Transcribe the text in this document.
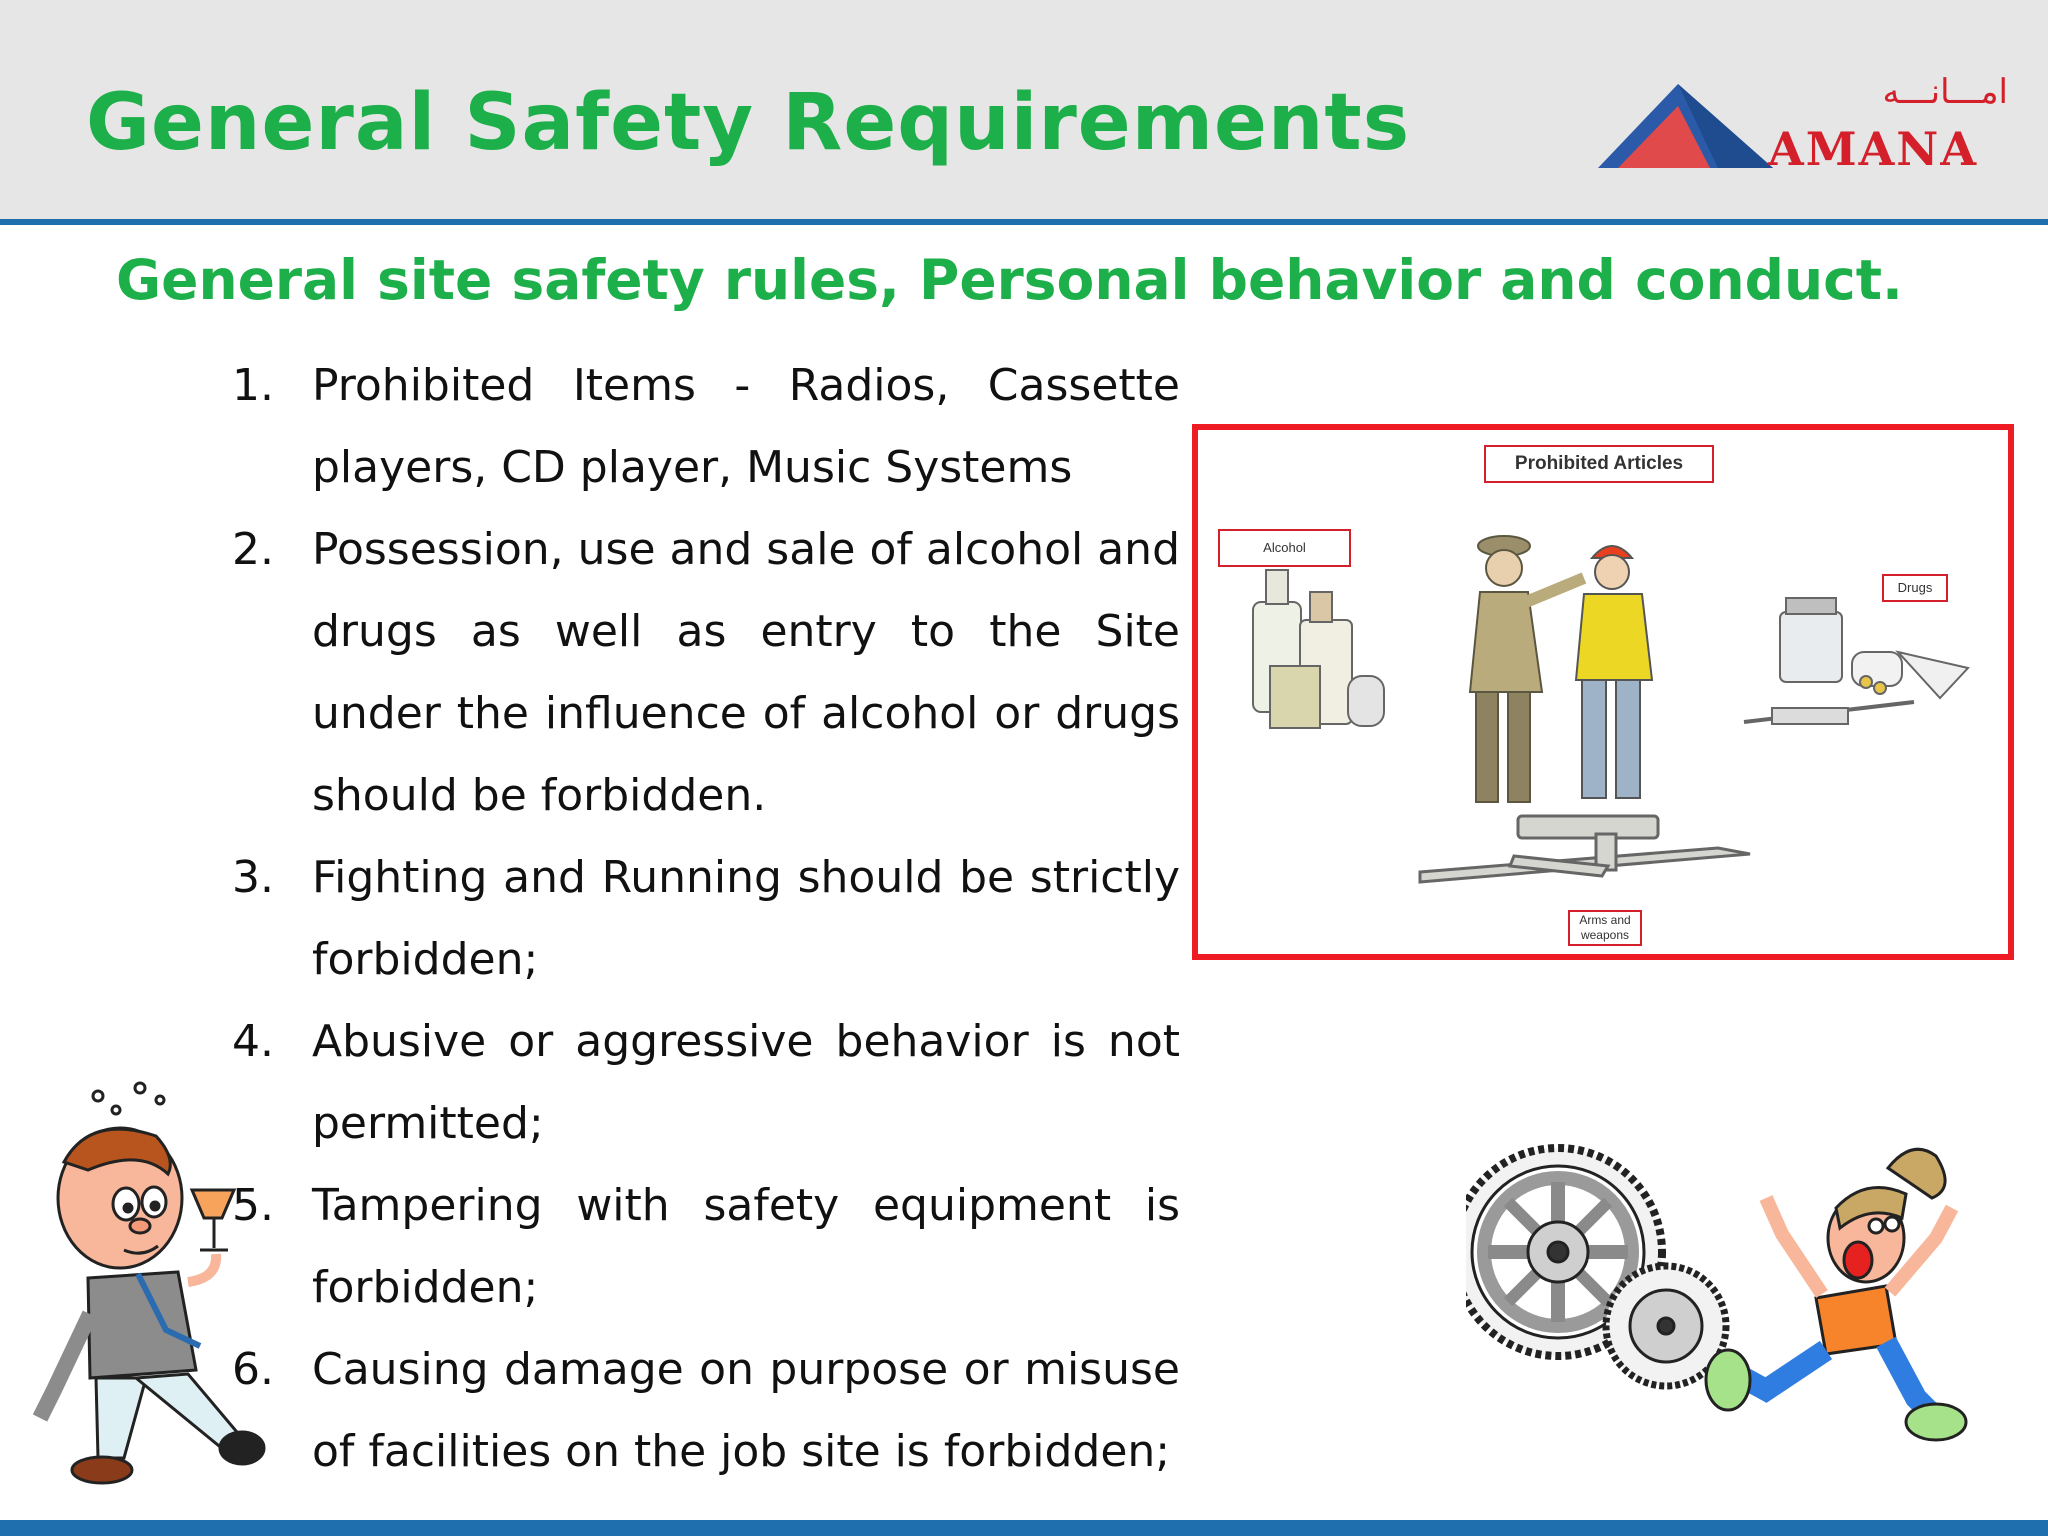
General Safety Requirements	امـــانـــه
AMANA
General site safety rules, Personal behavior and conduct.
1. Prohibited Items - Radios, Cassette players, CD player, Music Systems
2. Possession, use and sale of alcohol and drugs as well as entry to the Site under the influence of alcohol or drugs should be forbidden.
3. Fighting and Running should be strictly forbidden;
4. Abusive or aggressive behavior is not permitted;
5. Tampering with safety equipment is forbidden;
6. Causing damage on purpose or misuse of facilities on the job site is forbidden;
Prohibited Articles
Alcohol
Drugs
Arms and weapons
